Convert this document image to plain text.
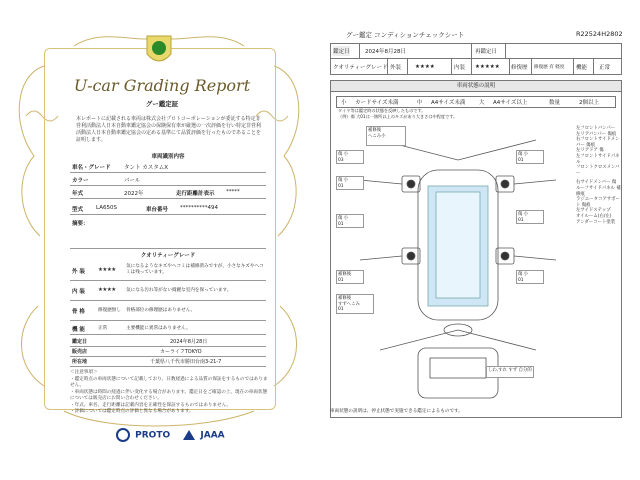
U-car Grading Report
グー鑑定証
本レポートに記載される車両は株式会社プロトコーポレーションが委託する特定非営利活動法人日本自動車鑑定協会の保険保有車が厳選の一次評価を行い特定非営利活動法人日本自動車鑑定協会の定める基準にて品質評価を行ったものであることを証明します。
車両識別内容
車名・グレード タント カスタムX
カラー	パール
年式	2022年	走行距離計表示 *****
型式 LA650S	車台番号 **********494
摘要：
クオリティーグレード
外 装 ★★★★
気になるようなキズやヘコミは補修済みですが、小さなキズやヘコミは残っています。
内 装 ★★★★ 気になる汚れ等がない綺麗な室内を保っています。
骨 格	修復歴無し 骨格部位の修理歴はありません。
機 能	正常	主要機能に異常はありません。
鑑定日	2024年8月28日
販売店	カーライフTOKYO
所在地	千葉県八千代市勝田台南3-21-7
＜注意事項＞
・鑑定時点の車両状態について記載しており、日数経過による品質の保証をするものではありません。
・車両状態は時間の経過に伴い変化する場合があります。鑑定日をご確認の上、現在の車両状態については販売店にお問い合わせください。
・年式、車名、走行距離は記載内容を正確性を保証するものではありません。
・評価については鑑定時点の評価と異なる場合があります。
PROTO	JAAA
グー鑑定 コンディションチェックシート	R22524H2802
鑑定日	2024年8月28日	再鑑定日
クオリティーグレード 外装	★★★★	内装 ★★★★★ 修復歴 修復歴 有 軽度 機能 正常
車両状態の説明
小 カードサイズ未満	中 A4サイズ未満 大 A4サイズ以上	数量	2個以上
タイヤ等は鑑定時の状態を反映したものです。
（例）傷 大01は一箇所以上のキズがあり大きさは中程度です。
補修後
へこみ小
傷 小
03
傷 小
01
傷 小
01
傷 小
01
傷 小
01
補修後
01
傷 小
01
補修後
すずへこみ
01
しわ,すれ すず 自分的
左フロントバンパー
左リアバンパー 傷痕
右フロントサイドメンバー 傷痕
左リアドア 傷
左フロントサイドパネル
フロントクロスメンバー
右サイドメンバー 傷
ルーフサイドパネル 補修痕
ラジエータコアサポート 傷痕
左サイドステップ
オイルーム(右/左)
アンダーコート塗装
車両状態の説明は、停止状態で実施できる鑑定によるものです。
